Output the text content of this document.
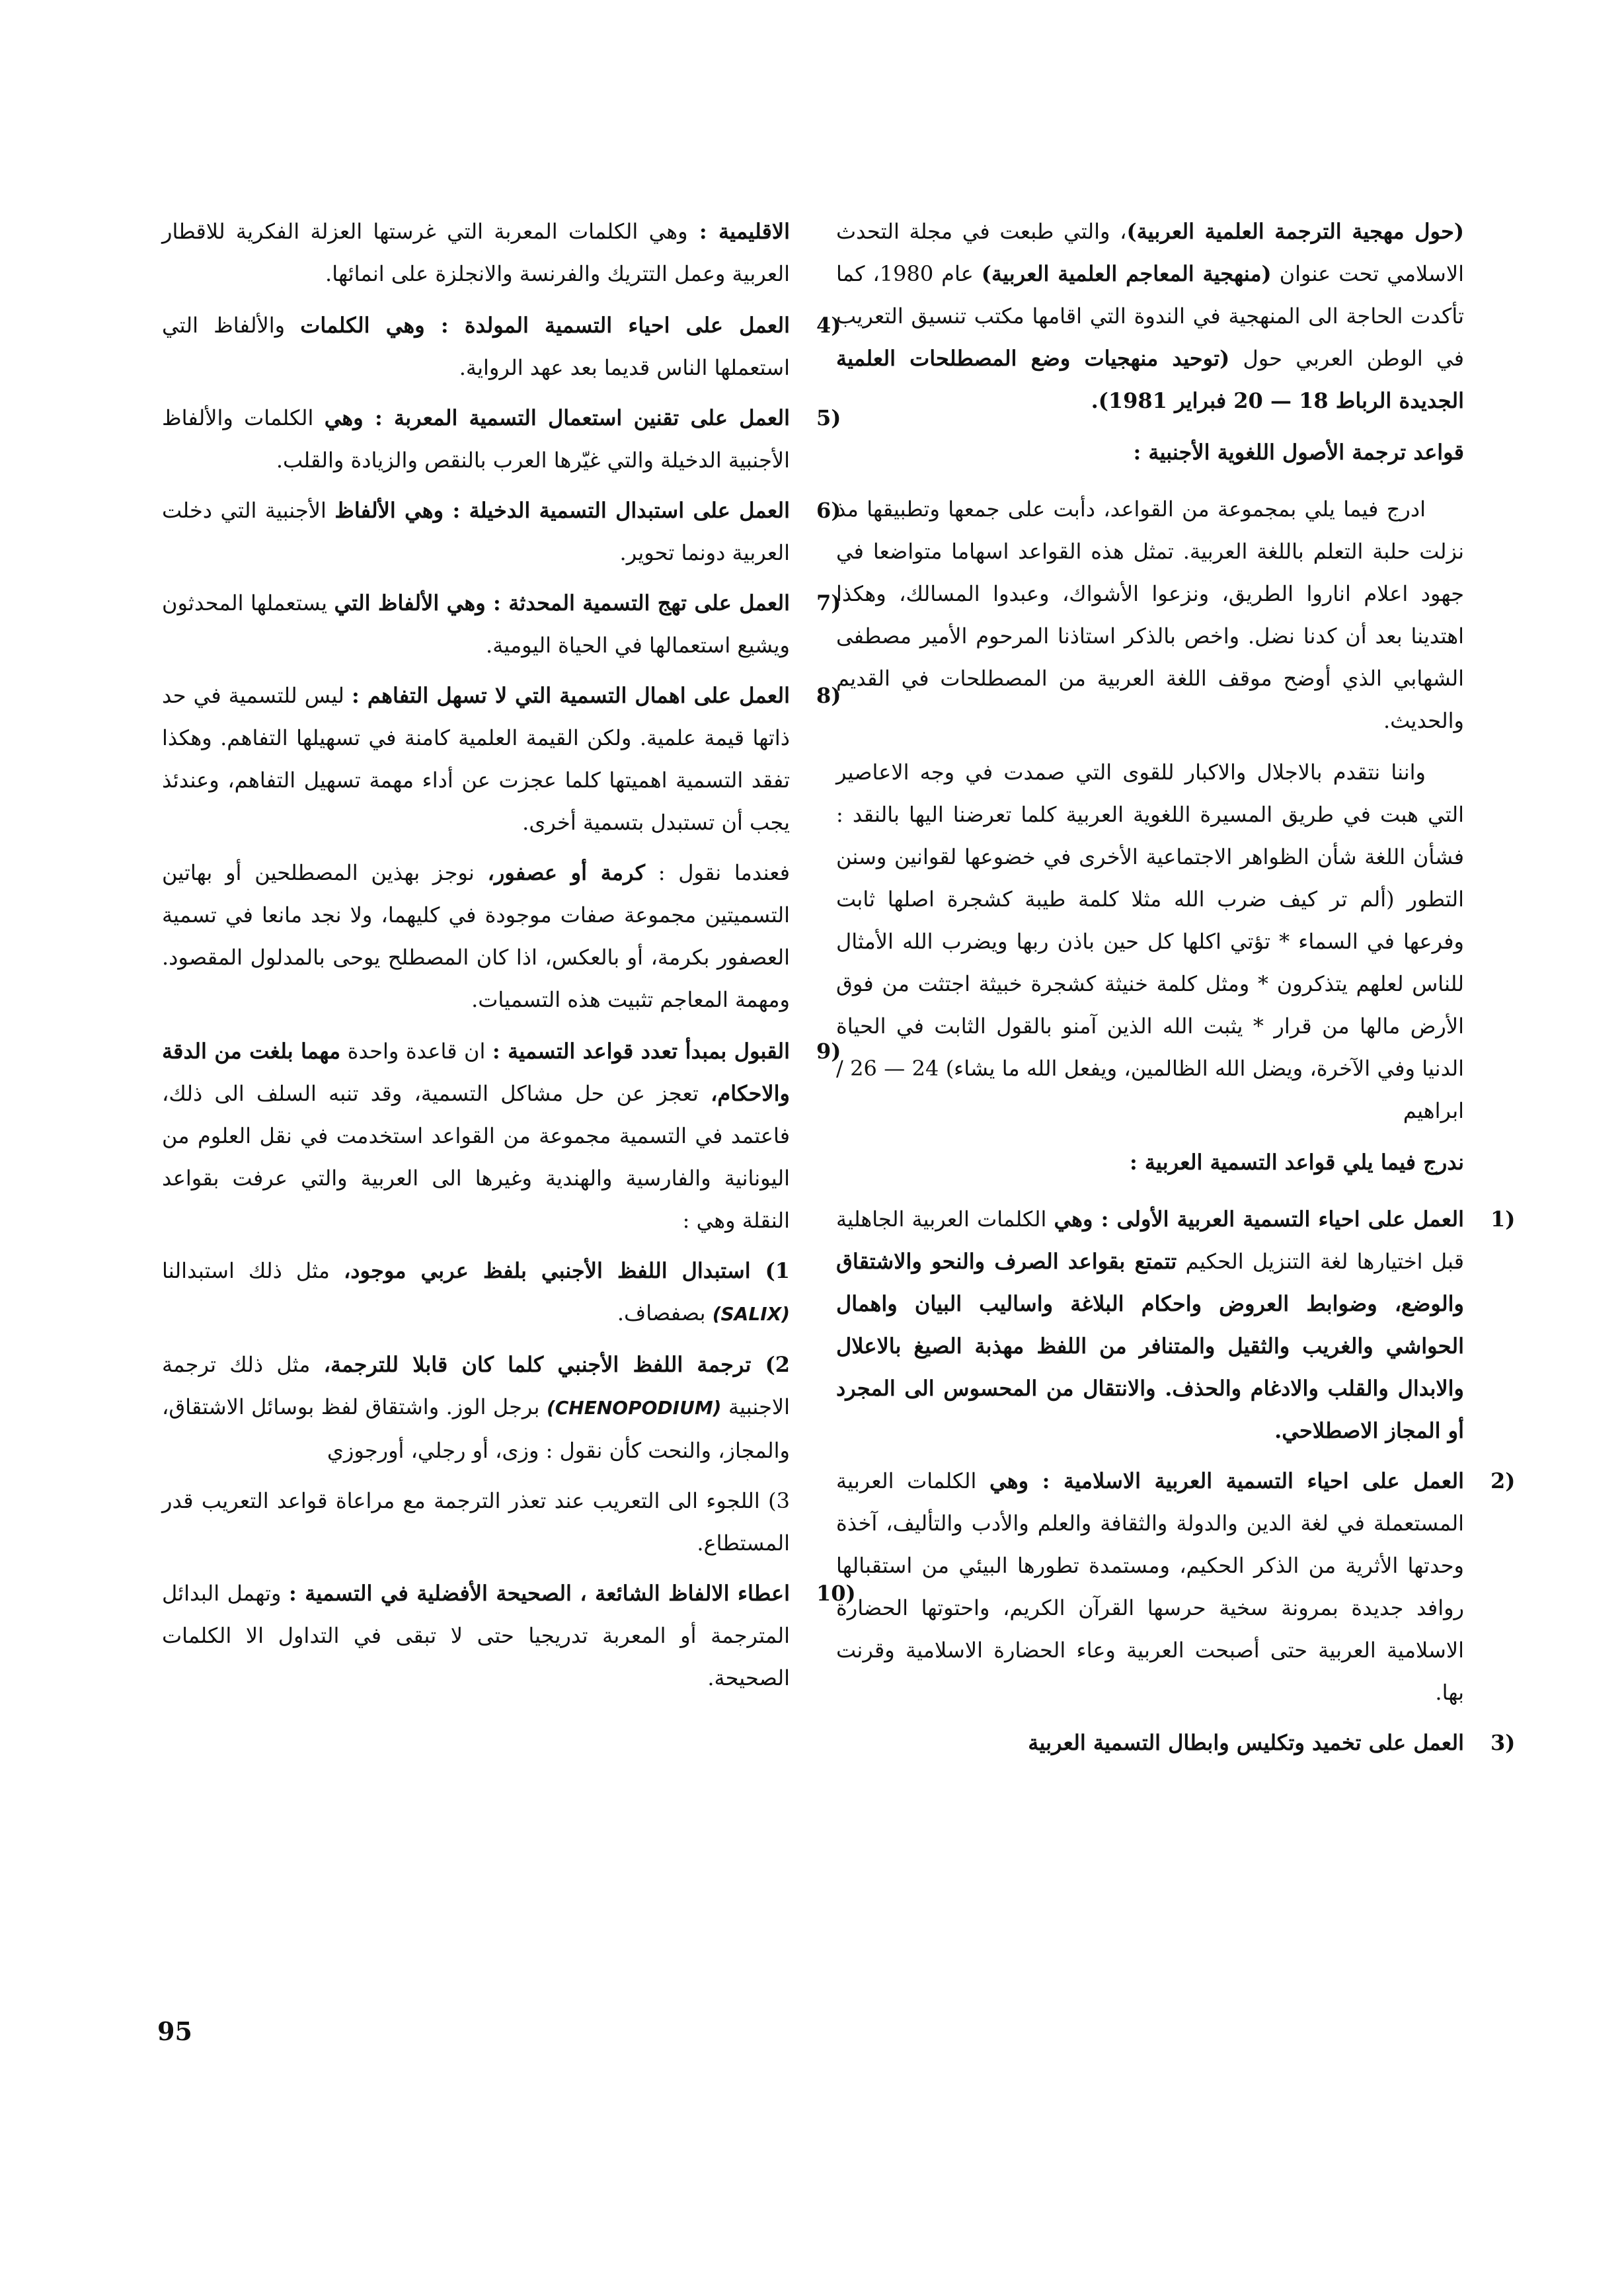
(حول مهجية الترجمة العلمية العربية)، والتي طبعت في مجلة التحدث الاسلامي تحت عنوان (منهجية المعاجم العلمية العربية) عام 1980، كما تأكدت الحاجة الى المنهجية في الندوة التي اقامها مكتب تنسيق التعريب في الوطن العربي حول (توحيد منهجيات وضع المصطلحات العلمية الجديدة الرباط 18 — 20 فبراير 1981).

قواعد ترجمة الأصول اللغوية الأجنبية :

ادرج فيما يلي بمجموعة من القواعد، دأبت على جمعها وتطبيقها مذ نزلت حلبة التعلم باللغة العربية. تمثل هذه القواعد اسهاما متواضعا في جهود اعلام اناروا الطريق، ونزعوا الأشواك، وعبدوا المسالك، وهكذا اهتدينا بعد أن كدنا نضل. واخص بالذكر استاذنا المرحوم الأمير مصطفى الشهابي الذي أوضح موقف اللغة العربية من المصطلحات في القديم والحديث.

واننا نتقدم بالاجلال والاكبار للقوى التي صمدت في وجه الاعاصير التي هبت في طريق المسيرة اللغوية العربية كلما تعرضنا اليها بالنقد : فشأن اللغة شأن الظواهر الاجتماعية الأخرى في خضوعها لقوانين وسنن التطور (ألم تر كيف ضرب الله مثلا كلمة طيبة كشجرة اصلها ثابت وفرعها في السماء * تؤتي اكلها كل حين باذن ربها ويضرب الله الأمثال للناس لعلهم يتذكرون * ومثل كلمة خنيثة كشجرة خبيثة اجتثت من فوق الأرض مالها من قرار * يثبت الله الذين آمنو بالقول الثابت في الحياة الدنيا وفي الآخرة، ويضل الله الظالمين، ويفعل الله ما يشاء) 24 — 26 /ابراهيم

ندرج فيما يلي قواعد التسمية العربية :

1)
العمل على احياء التسمية العربية الأولى : وهي الكلمات العربية الجاهلية قبل اختيارها لغة التنزيل الحكيم تتمتع بقواعد الصرف والنحو والاشتقاق والوضع، وضوابط العروض واحكام البلاغة واساليب البيان واهمال الحواشي والغريب والثقيل والمتنافر من اللفظ مهذبة الصيغ بالاعلال والابدال والقلب والادغام والحذف. والانتقال من المحسوس الى المجرد أو المجاز الاصطلاحي.
2)
العمل على احياء التسمية العربية الاسلامية : وهي الكلمات العربية المستعملة في لغة الدين والدولة والثقافة والعلم والأدب والتأليف، آخذة وحدتها الأثرية من الذكر الحكيم، ومستمدة تطورها البيئي من استقبالها روافد جديدة بمرونة سخية حرسها القرآن الكريم، واحتوتها الحضارة الاسلامية العربية حتى أصبحت العربية وعاء الحضارة الاسلامية وقرنت بها.
3)
العمل على تخميد وتكليس وابطال التسمية العربية

الاقليمية : وهي الكلمات المعربة التي غرستها العزلة الفكرية للاقطار العربية وعمل التتريك والفرنسة والانجلزة على انمائها.

4)
العمل على احياء التسمية المولدة : وهي الكلمات والألفاظ التي استعملها الناس قديما بعد عهد الرواية.
5)
العمل على تقنين استعمال التسمية المعربة : وهي الكلمات والألفاظ الأجنبية الدخيلة والتي غيّرها العرب بالنقص والزيادة والقلب.
6)
العمل على استبدال التسمية الدخيلة : وهي الألفاظ الأجنبية التي دخلت العربية دونما تحوير.
7)
العمل على تهج التسمية المحدثة : وهي الألفاظ التي يستعملها المحدثون ويشيع استعمالها في الحياة اليومية.
8)
العمل على اهمال التسمية التي لا تسهل التفاهم : ليس للتسمية في حد ذاتها قيمة علمية. ولكن القيمة العلمية كامنة في تسهيلها التفاهم. وهكذا تفقد التسمية اهميتها كلما عجزت عن أداء مهمة تسهيل التفاهم، وعندئذ يجب أن تستبدل بتسمية أخرى.

فعندما نقول : كرمة أو عصفور، نوجز بهذين المصطلحين أو بهاتين التسميتين مجموعة صفات موجودة في كليهما، ولا نجد مانعا في تسمية العصفور بكرمة، أو بالعكس، اذا كان المصطلح يوحى بالمدلول المقصود. ومهمة المعاجم تثبيت هذه التسميات.

9)
القبول بمبدأ تعدد قواعد التسمية : ان قاعدة واحدة مهما بلغت من الدقة والاحكام، تعجز عن حل مشاكل التسمية، وقد تنبه السلف الى ذلك، فاعتمد في التسمية مجموعة من القواعد استخدمت في نقل العلوم من اليونانية والفارسية والهندية وغيرها الى العربية والتي عرفت بقواعد النقلة وهي :

1) استبدال اللفظ الأجنبي بلفظ عربي موجود، مثل ذلك استبدالنا (SALIX) بصفصاف.

2) ترجمة اللفظ الأجنبي كلما كان قابلا للترجمة، مثل ذلك ترجمة الاجنبية (CHENOPODIUM) برجل الوز. واشتقاق لفظ بوسائل الاشتقاق، والمجاز، والنحت كأن نقول : وزى، أو رجلي، أورجوزي

3) اللجوء الى التعريب عند تعذر الترجمة مع مراعاة قواعد التعريب قدر المستطاع.

10)
اعطاء الالفاظ الشائعة ، الصحيحة الأفضلية في التسمية : وتهمل البدائل المترجمة أو المعربة تدريجيا حتى لا تبقى في التداول الا الكلمات الصحيحة.
95
